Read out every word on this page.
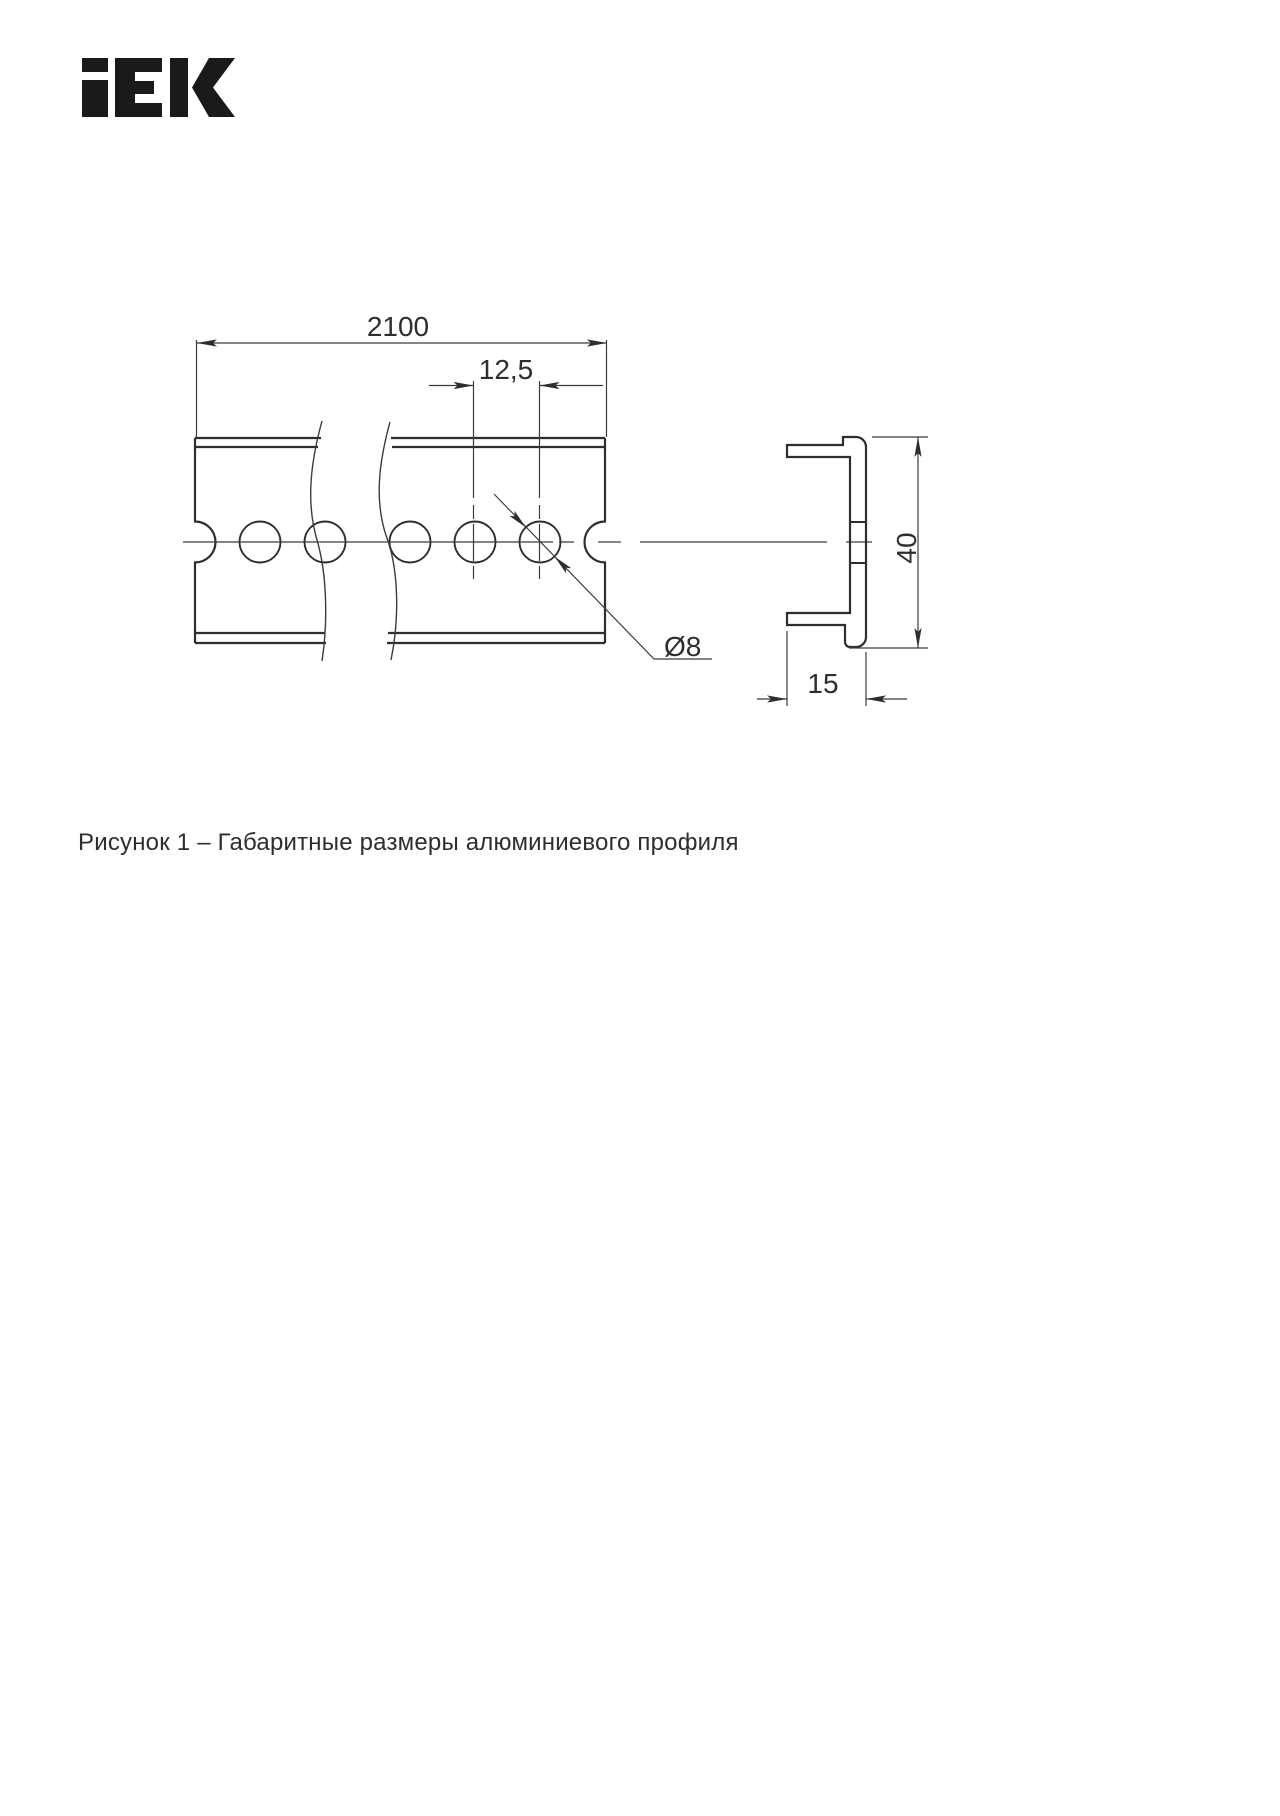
2100
12,5
Ø8
40
15
Рисунок 1 – Габаритные размеры алюминиевого профиля
